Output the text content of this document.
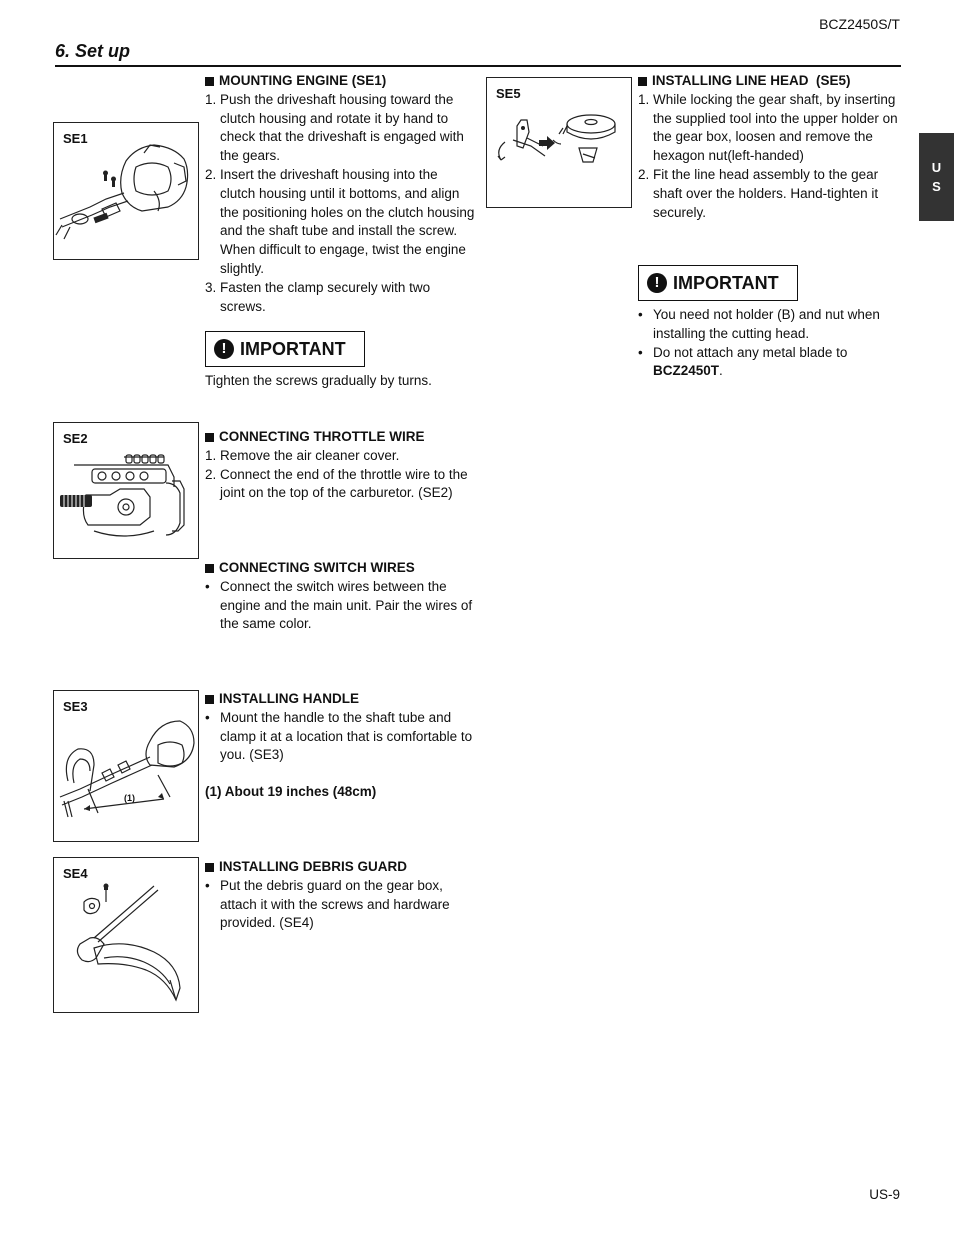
BCZ2450S/T
6. Set up
U
S
SE1
MOUNTING ENGINE (SE1)
1. Push the driveshaft housing toward the clutch housing and rotate it by hand to check that the driveshaft is engaged with the gears.
2. Insert the driveshaft housing into the clutch housing until it bottoms, and align the positioning holes on the clutch housing and the shaft tube and install the screw. When difficult to engage, twist the engine slightly.
3. Fasten the clamp securely with two screws.
! IMPORTANT
Tighten the screws gradually by turns.
SE5
INSTALLING LINE HEAD  (SE5)
1. While locking the gear shaft, by inserting the supplied tool into the upper holder on the gear box, loosen and remove the hexagon nut(left-handed)
2. Fit the line head assembly to the gear shaft over the holders. Hand-tighten it securely.
! IMPORTANT
• You need not holder (B) and nut when installing the cutting head.
• Do not attach any metal blade to BCZ2450T.
SE2	CONNECTING THROTTLE WIRE
1. Remove the air cleaner cover.
2. Connect the end of the throttle wire to the joint on the top of the carburetor. (SE2)
CONNECTING SWITCH WIRES
• Connect the switch wires between the engine and the main unit. Pair the wires of the same color.
(1)
SE3
INSTALLING HANDLE
• Mount the handle to the shaft tube and clamp it at a location that is comfortable to you. (SE3)
(1) About 19 inches (48cm)
SE4	INSTALLING DEBRIS GUARD
• Put the debris guard on the gear box, attach it with the screws and hardware provided. (SE4)
US-9
